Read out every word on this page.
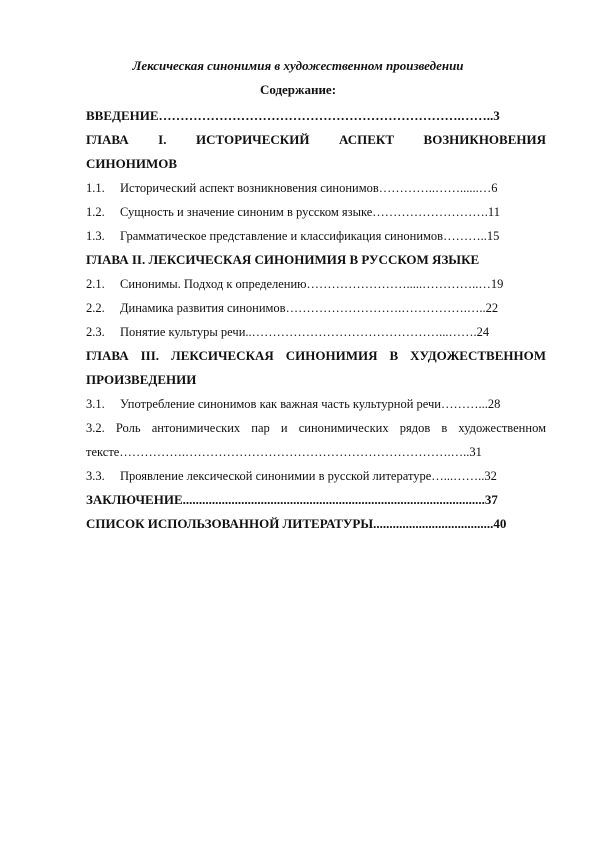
Лексическая синонимия в художественном произведении
Содержание:
ВВЕДЕНИЕ…………………………………………………………….……..3
ГЛАВА I. ИСТОРИЧЕСКИЙ АСПЕКТ ВОЗНИКНОВЕНИЯ
СИНОНИМОВ
1.1. Исторический аспект возникновения синонимов…………..……......…6
1.2. Сущность и значение синоним в русском языке……………………….11
1.3. Грамматическое представление и классификация синонимов………..15
ГЛАВА II. ЛЕКСИЧЕСКАЯ СИНОНИМИЯ В РУССКОМ ЯЗЫКЕ
2.1. Синонимы. Подход к определению…………………….....…………..…19
2.2. Динамика развития синонимов……………………….…………….…..22
2.3. Понятие культуры речи..………………………………………...…….24
ГЛАВА III. ЛЕКСИЧЕСКАЯ СИНОНИМИЯ В ХУДОЖЕСТВЕННОМ
ПРОИЗВЕДЕНИИ
3.1. Употребление синонимов как важная часть культурной речи………...28
3.2. Роль антонимических пар и синонимических рядов в художественном
тексте…………….……………………………………………………….…..31
3.3. Проявление лексической синонимии в русской литературе…...……..32
ЗАКЛЮЧЕНИЕ.............................................................................................37
СПИСОК ИСПОЛЬЗОВАННОЙ ЛИТЕРАТУРЫ.....................................40
